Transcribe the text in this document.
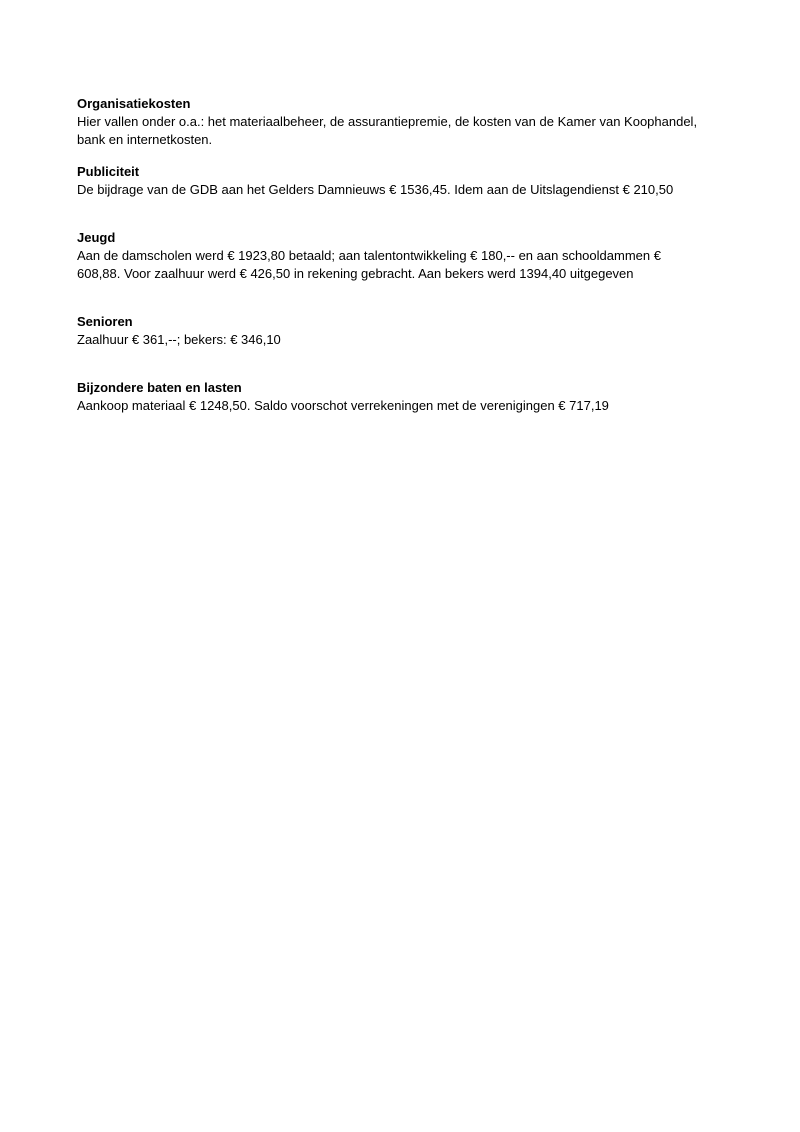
Organisatiekosten

Hier vallen onder o.a.: het materiaalbeheer, de assurantiepremie, de kosten van de Kamer van Koophandel,
bank en internetkosten.

Publiciteit

De bijdrage van de GDB aan het Gelders Damnieuws € 1536,45. Idem aan de Uitslagendienst € 210,50

Jeugd

Aan de damscholen werd € 1923,80 betaald; aan talentontwikkeling € 180,-- en aan schooldammen €
608,88. Voor zaalhuur werd € 426,50 in rekening gebracht. Aan bekers werd 1394,40 uitgegeven

Senioren

Zaalhuur € 361,--; bekers: € 346,10

Bijzondere baten en lasten

Aankoop materiaal € 1248,50. Saldo voorschot verrekeningen met de verenigingen € 717,19
